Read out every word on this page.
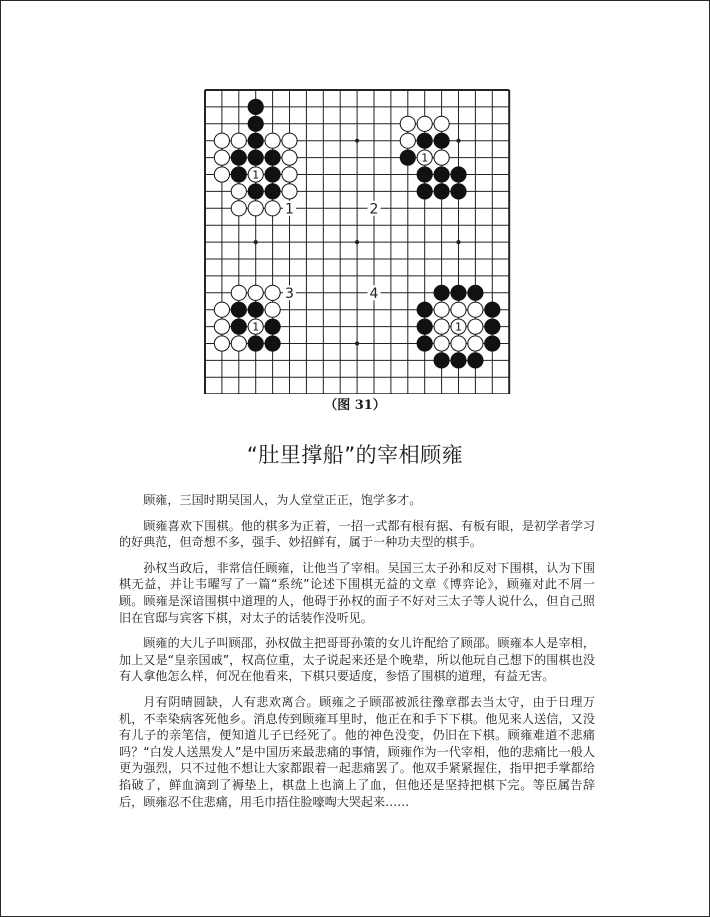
1	2
3	4
1
1
1	1
（图 31）
“肚里撑船”的宰相顾雍

顾雍，三国时期吴国人，为人堂堂正正，饱学多才。

顾雍喜欢下围棋。他的棋多为正着，一招一式都有根有据、有板有眼，是初学者学习的好典范，但奇想不多，强手、妙招鲜有，属于一种功夫型的棋手。

孙权当政后，非常信任顾雍，让他当了宰相。吴国三太子孙和反对下围棋，认为下围棋无益，并让韦曜写了一篇“系统”论述下围棋无益的文章《博弈论》，顾雍对此不屑一顾。顾雍是深谙围棋中道理的人，他碍于孙权的面子不好对三太子等人说什么，但自己照旧在官邸与宾客下棋，对太子的话装作没听见。

顾雍的大儿子叫顾邵，孙权做主把哥哥孙策的女儿许配给了顾邵。顾雍本人是宰相，加上又是“皇亲国戚”，权高位重，太子说起来还是个晚辈，所以他玩自己想下的围棋也没有人拿他怎么样，何况在他看来，下棋只要适度，参悟了围棋的道理，有益无害。

月有阴晴圆缺，人有悲欢离合。顾雍之子顾邵被派往豫章郡去当太守，由于日理万机，不幸染病客死他乡。消息传到顾雍耳里时，他正在和手下下棋。他见来人送信，又没有儿子的亲笔信，便知道儿子已经死了。他的神色没变，仍旧在下棋。顾雍难道不悲痛吗？“白发人送黑发人”是中国历来最悲痛的事情，顾雍作为一代宰相，他的悲痛比一般人更为强烈，只不过他不想让大家都跟着一起悲痛罢了。他双手紧紧握住，指甲把手掌都给掐破了，鲜血滴到了褥垫上，棋盘上也滴上了血，但他还是坚持把棋下完。等臣属告辞后，顾雍忍不住悲痛，用毛巾捂住脸嚎啕大哭起来……
